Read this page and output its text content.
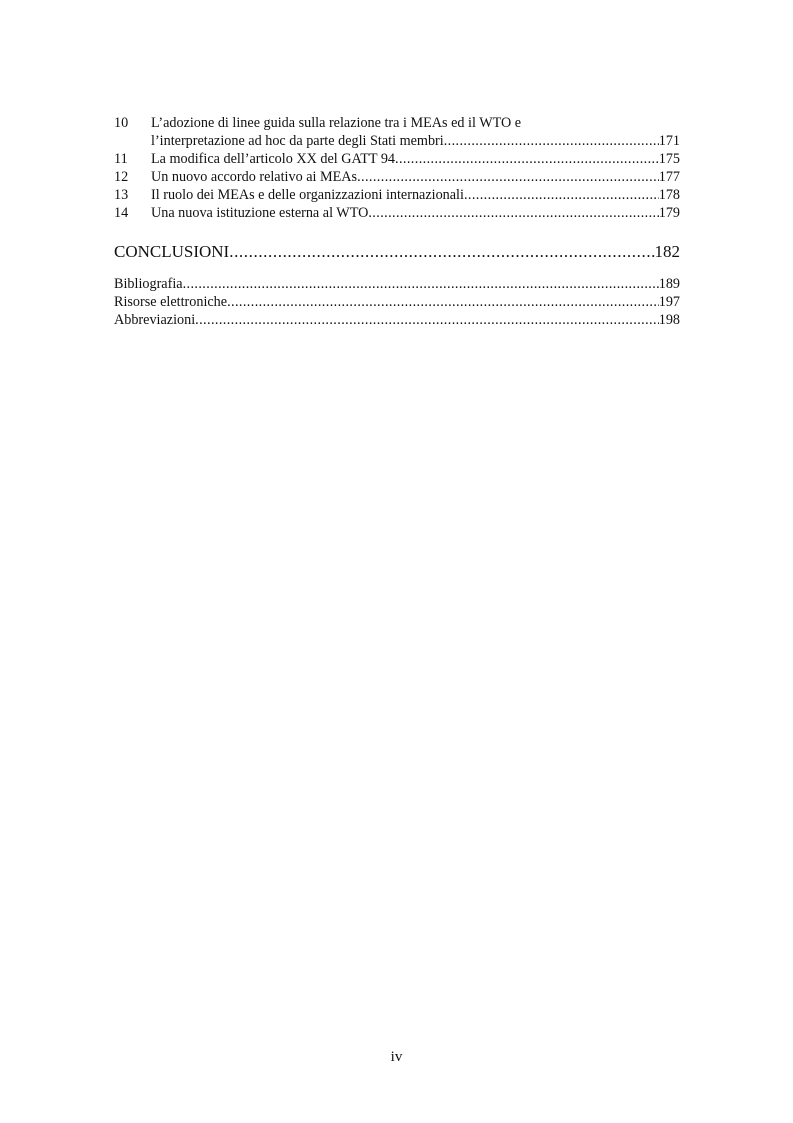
10	L’adozione di linee guida sulla relazione tra i MEAs ed il WTO e
l’interpretazione ad hoc da parte degli Stati membri .....	171
11	La modifica dell’articolo XX del GATT 94 .....	175
12	Un nuovo accordo relativo ai MEAs .....	177
13	Il ruolo dei MEAs e delle organizzazioni internazionali .....	178
14	Una nuova istituzione esterna al WTO .....	179
CONCLUSIONI .....	182
Bibliografia .....	189
Risorse elettroniche .....	197
Abbreviazioni .....	198
iv
